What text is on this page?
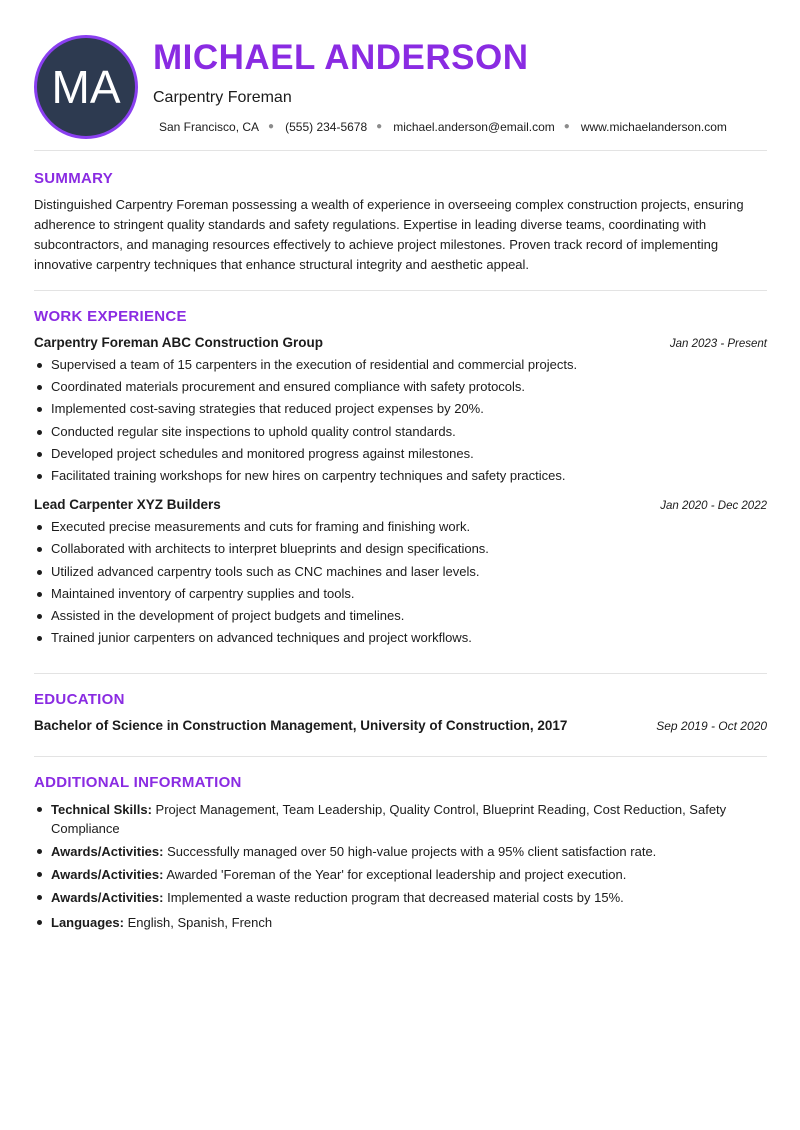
MA
MICHAEL ANDERSON
Carpentry Foreman
San Francisco, CA ● (555) 234-5678 ● michael.anderson@email.com ● www.michaelanderson.com
SUMMARY

Distinguished Carpentry Foreman possessing a wealth of experience in overseeing complex construction projects, ensuring adherence to stringent quality standards and safety regulations. Expertise in leading diverse teams, coordinating with subcontractors, and managing resources effectively to achieve project milestones. Proven track record of implementing innovative carpentry techniques that enhance structural integrity and aesthetic appeal.

WORK EXPERIENCE
Carpentry Foreman ABC Construction Group	Jan 2023 - Present
Supervised a team of 15 carpenters in the execution of residential and commercial projects.
Coordinated materials procurement and ensured compliance with safety protocols.
Implemented cost-saving strategies that reduced project expenses by 20%.
Conducted regular site inspections to uphold quality control standards.
Developed project schedules and monitored progress against milestones.
Facilitated training workshops for new hires on carpentry techniques and safety practices.
Lead Carpenter XYZ Builders	Jan 2020 - Dec 2022
Executed precise measurements and cuts for framing and finishing work.
Collaborated with architects to interpret blueprints and design specifications.
Utilized advanced carpentry tools such as CNC machines and laser levels.
Maintained inventory of carpentry supplies and tools.
Assisted in the development of project budgets and timelines.
Trained junior carpenters on advanced techniques and project workflows.
EDUCATION
Bachelor of Science in Construction Management, University of Construction, 2017	Sep 2019 - Oct 2020
ADDITIONAL INFORMATION
Technical Skills: Project Management, Team Leadership, Quality Control, Blueprint Reading, Cost Reduction, Safety Compliance
Awards/Activities: Successfully managed over 50 high-value projects with a 95% client satisfaction rate.
Awards/Activities: Awarded 'Foreman of the Year' for exceptional leadership and project execution.
Awards/Activities: Implemented a waste reduction program that decreased material costs by 15%.
Languages: English, Spanish, French
